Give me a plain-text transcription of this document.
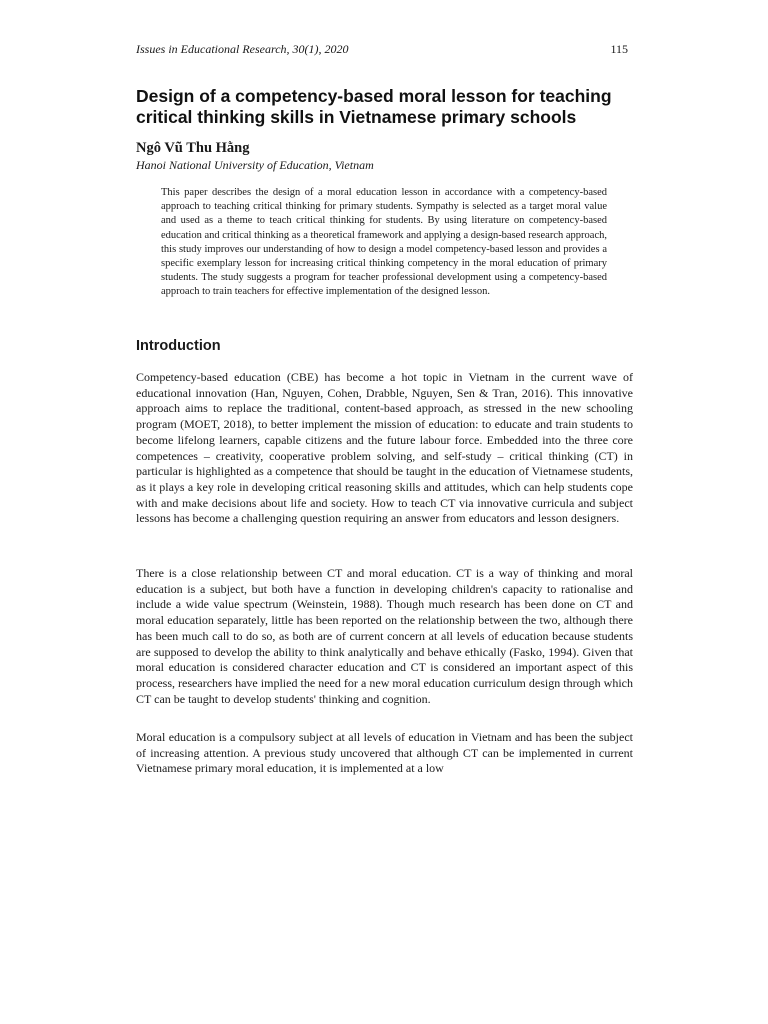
Issues in Educational Research, 30(1), 2020	115
Design of a competency-based moral lesson for teaching critical thinking skills in Vietnamese primary schools
Ngô Vũ Thu Hằng
Hanoi National University of Education, Vietnam

This paper describes the design of a moral education lesson in accordance with a competency-based approach to teaching critical thinking for primary students. Sympathy is selected as a target moral value and used as a theme to teach critical thinking for students. By using literature on competency-based education and critical thinking as a theoretical framework and applying a design-based research approach, this study improves our understanding of how to design a model competency-based lesson and provides a specific exemplary lesson for increasing critical thinking competency in the moral education of primary students. The study suggests a program for teacher professional development using a competency-based approach to train teachers for effective implementation of the designed lesson.

Introduction

Competency-based education (CBE) has become a hot topic in Vietnam in the current wave of educational innovation (Han, Nguyen, Cohen, Drabble, Nguyen, Sen & Tran, 2016). This innovative approach aims to replace the traditional, content-based approach, as stressed in the new schooling program (MOET, 2018), to better implement the mission of education: to educate and train students to become lifelong learners, capable citizens and the future labour force. Embedded into the three core competences – creativity, cooperative problem solving, and self-study – critical thinking (CT) in particular is highlighted as a competence that should be taught in the education of Vietnamese students, as it plays a key role in developing critical reasoning skills and attitudes, which can help students cope with and make decisions about life and society. How to teach CT via innovative curricula and subject lessons has become a challenging question requiring an answer from educators and lesson designers.

There is a close relationship between CT and moral education. CT is a way of thinking and moral education is a subject, but both have a function in developing children's capacity to rationalise and include a wide value spectrum (Weinstein, 1988). Though much research has been done on CT and moral education separately, little has been reported on the relationship between the two, although there has been much call to do so, as both are of current concern at all levels of education because students are supposed to develop the ability to think analytically and behave ethically (Fasko, 1994). Given that moral education is considered character education and CT is considered an important aspect of this process, researchers have implied the need for a new moral education curriculum design through which CT can be taught to develop students' thinking and cognition.

Moral education is a compulsory subject at all levels of education in Vietnam and has been the subject of increasing attention. A previous study uncovered that although CT can be implemented in current Vietnamese primary moral education, it is implemented at a low
